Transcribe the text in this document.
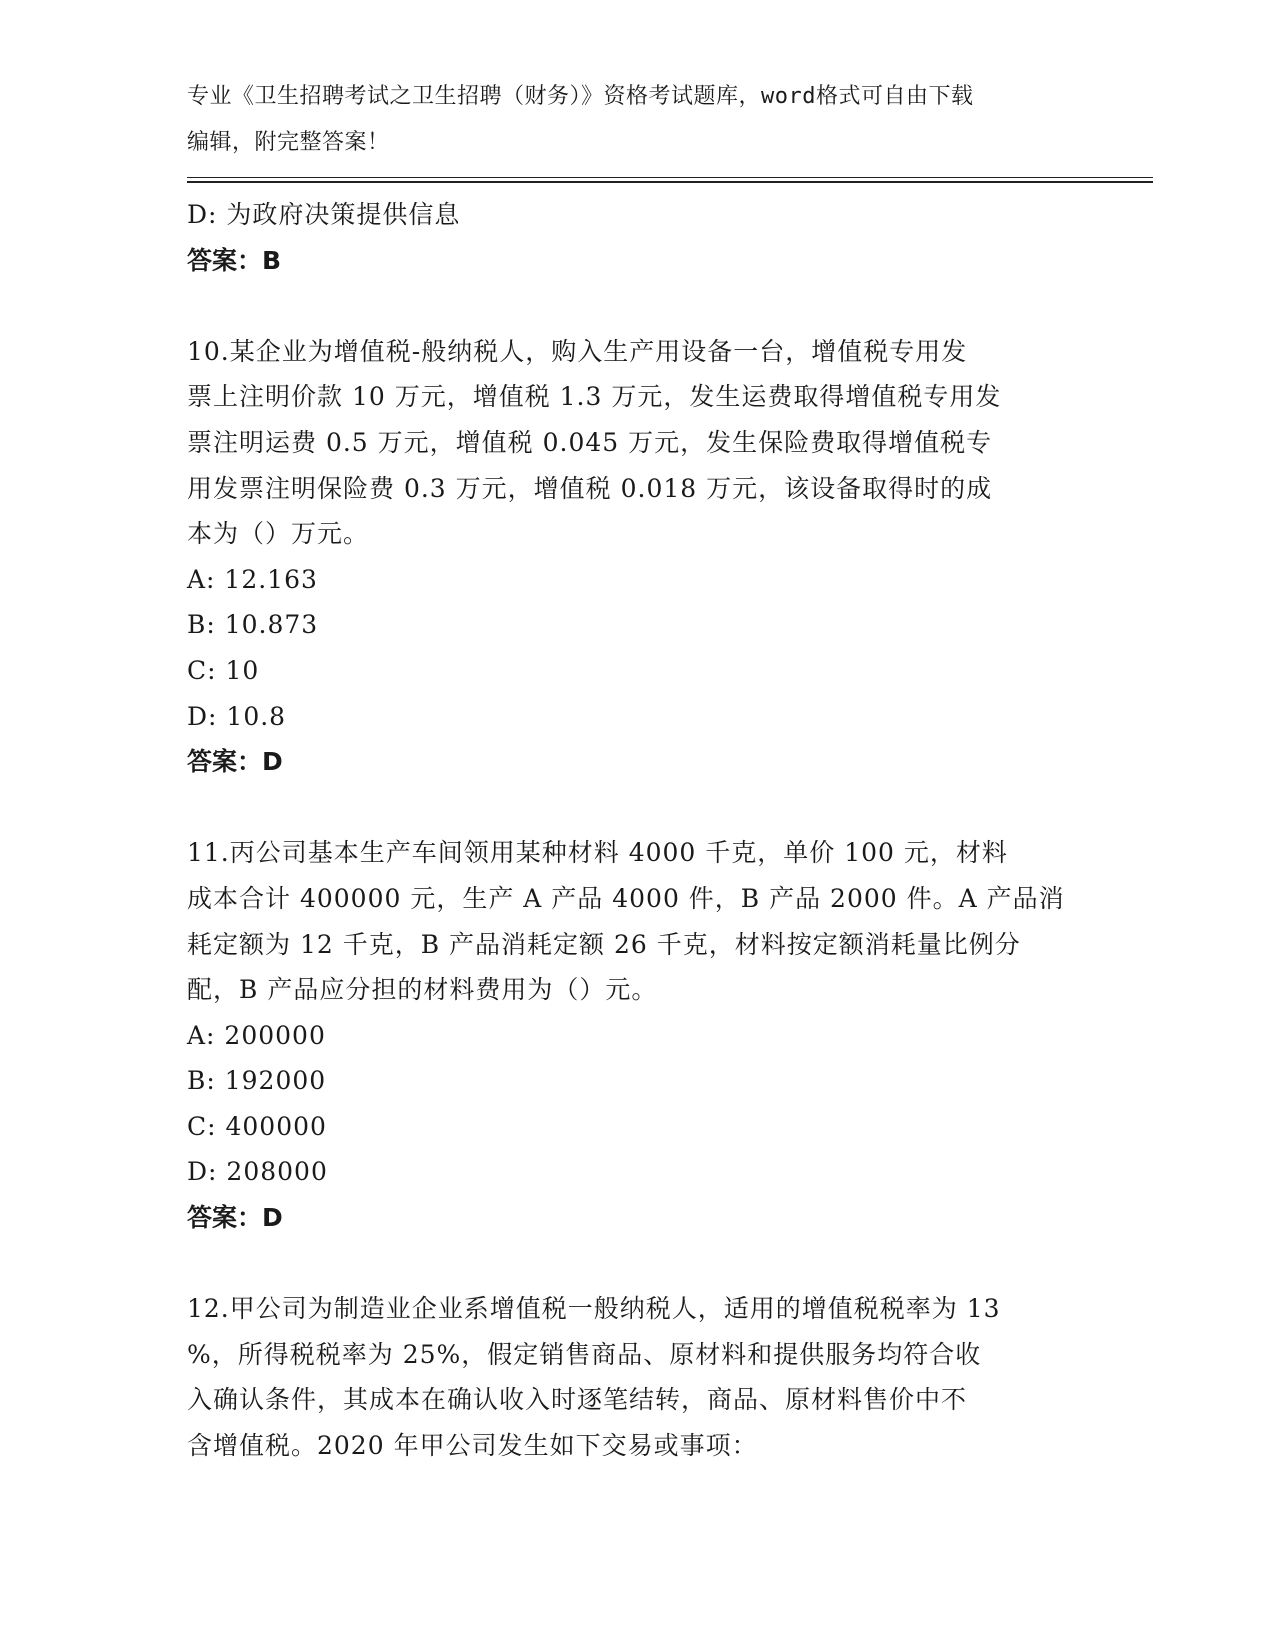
专业《卫生招聘考试之卫生招聘（财务）》资格考试题库，word格式可自由下载
编辑，附完整答案！
D: 为政府决策提供信息
答案：B
10.某企业为增值税-般纳税人，购入生产用设备一台，增值税专用发
票上注明价款 10 万元，增值税 1.3 万元，发生运费取得增值税专用发
票注明运费 0.5 万元，增值税 0.045 万元，发生保险费取得增值税专
用发票注明保险费 0.3 万元，增值税 0.018 万元，该设备取得时的成
本为（）万元。
A: 12.163
B: 10.873
C: 10
D: 10.8
答案：D
11.丙公司基本生产车间领用某种材料 4000 千克，单价 100 元，材料
成本合计 400000 元，生产 A 产品 4000 件，B 产品 2000 件。A 产品消
耗定额为 12 千克，B 产品消耗定额 26 千克，材料按定额消耗量比例分
配，B 产品应分担的材料费用为（）元。
A: 200000
B: 192000
C: 400000
D: 208000
答案：D
12.甲公司为制造业企业系增值税一般纳税人，适用的增值税税率为 13
%，所得税税率为 25%，假定销售商品、原材料和提供服务均符合收
入确认条件，其成本在确认收入时逐笔结转，商品、原材料售价中不
含增值税。2020 年甲公司发生如下交易或事项：
